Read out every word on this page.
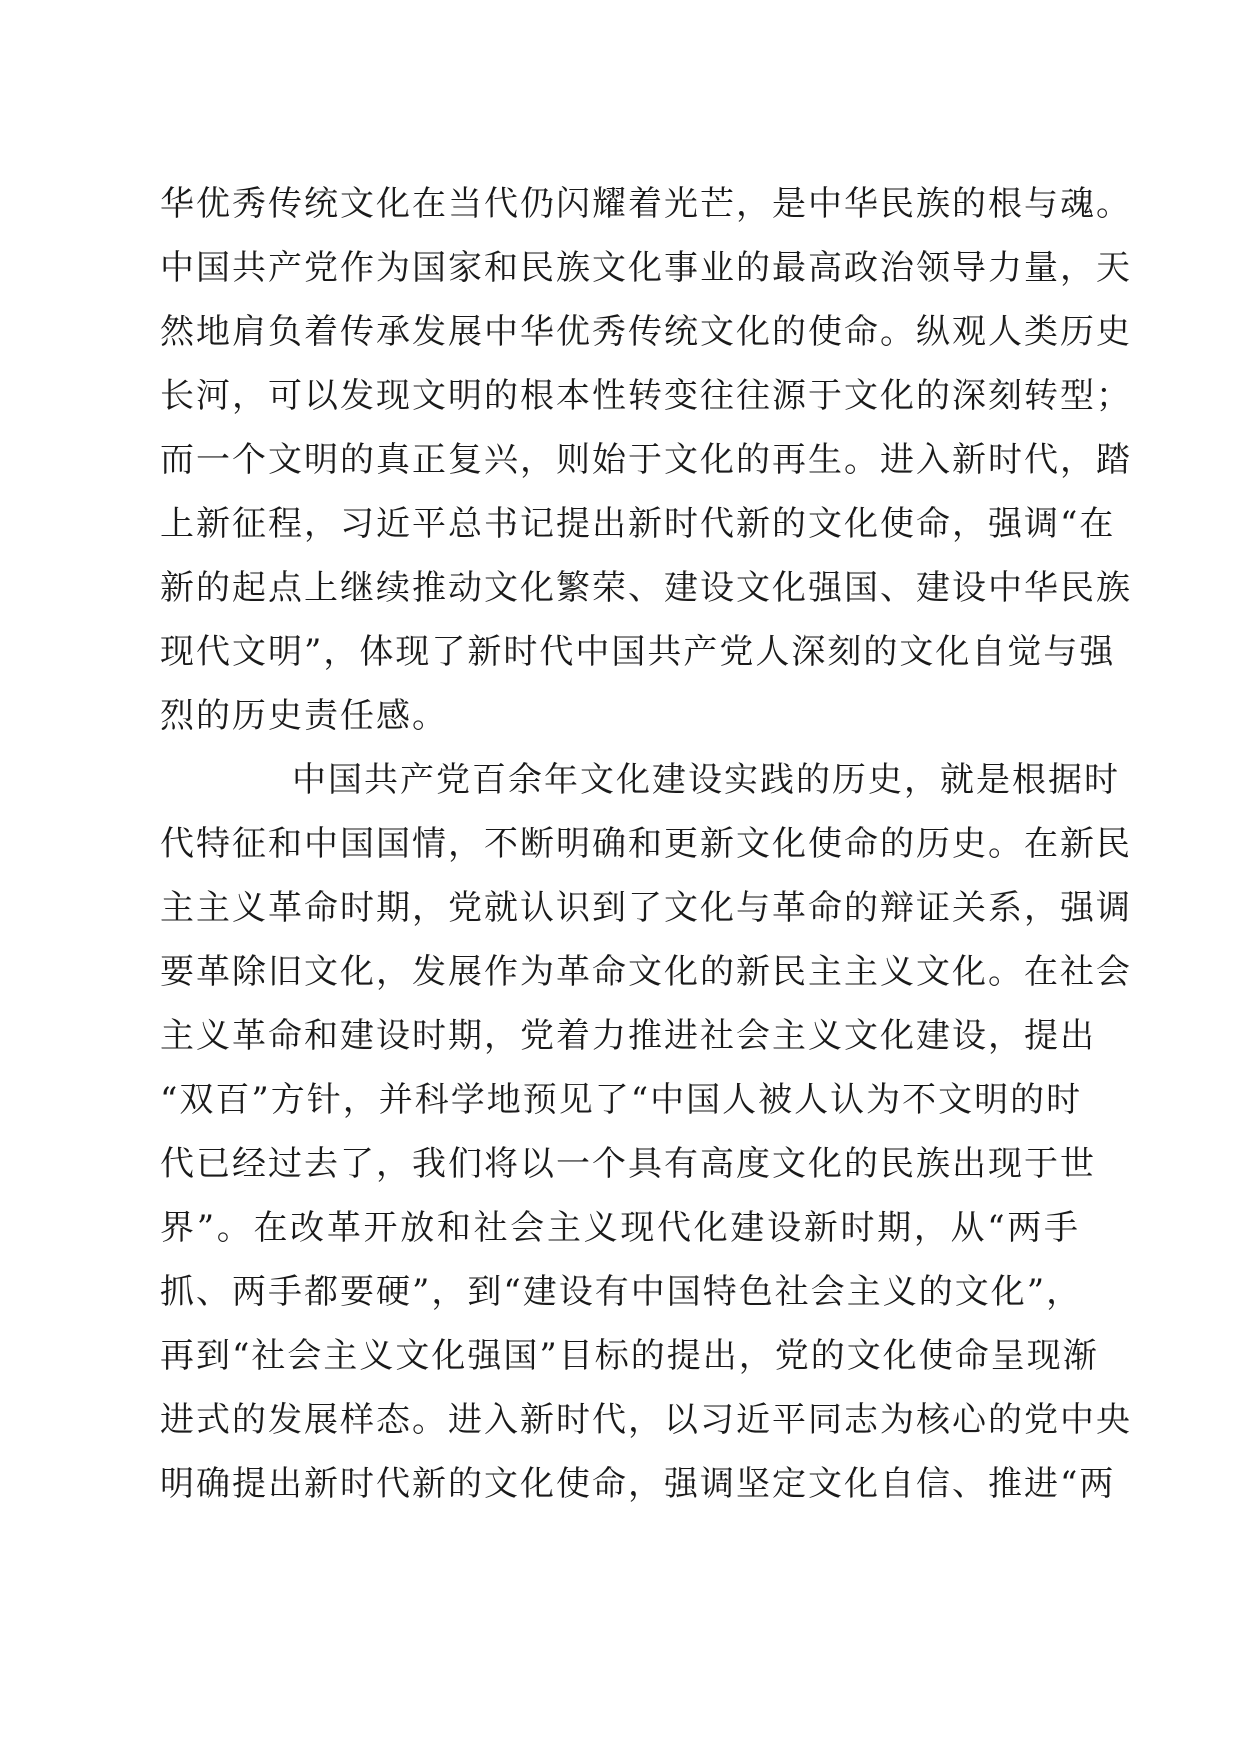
华优秀传统文化在当代仍闪耀着光芒，是中华民族的根与魂。
中国共产党作为国家和民族文化事业的最高政治领导力量，天
然地肩负着传承发展中华优秀传统文化的使命。纵观人类历史
长河，可以发现文明的根本性转变往往源于文化的深刻转型；
而一个文明的真正复兴，则始于文化的再生。进入新时代，踏
上新征程，习近平总书记提出新时代新的文化使命，强调“在
新的起点上继续推动文化繁荣、建设文化强国、建设中华民族
现代文明”，体现了新时代中国共产党人深刻的文化自觉与强
烈的历史责任感。
中国共产党百余年文化建设实践的历史，就是根据时
代特征和中国国情，不断明确和更新文化使命的历史。在新民
主主义革命时期，党就认识到了文化与革命的辩证关系，强调
要革除旧文化，发展作为革命文化的新民主主义文化。在社会
主义革命和建设时期，党着力推进社会主义文化建设，提出
“双百”方针，并科学地预见了“中国人被人认为不文明的时
代已经过去了，我们将以一个具有高度文化的民族出现于世
界”。在改革开放和社会主义现代化建设新时期，从“两手
抓、两手都要硬”，到“建设有中国特色社会主义的文化”，
再到“社会主义文化强国”目标的提出，党的文化使命呈现渐
进式的发展样态。进入新时代，以习近平同志为核心的党中央
明确提出新时代新的文化使命，强调坚定文化自信、推进“两
